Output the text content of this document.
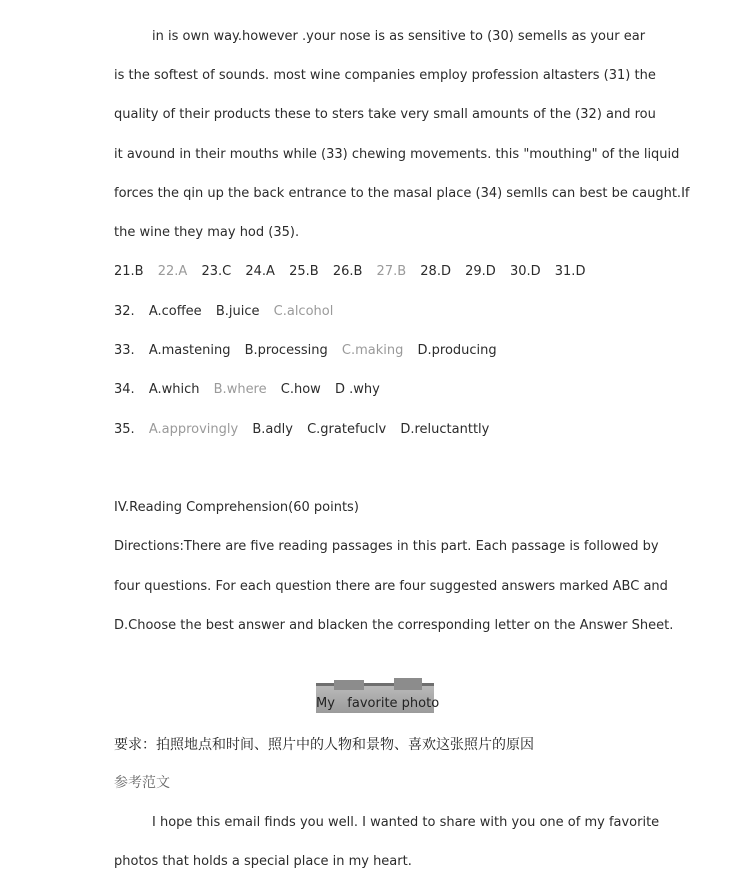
in is own way.however .your nose is as sensitive to (30) semells as your ear
is the softest of sounds. most wine companies employ profession altasters (31) the
quality of their products these to sters take very small amounts of the (32) and rou
it avound in their mouths while (33) chewing movements. this "mouthing" of the liquid
forces the qin up the back entrance to the masal place (34) semlls can best be caught.If
the wine they may hod (35).
21.B 22.A 23.C 24.A 25.B 26.B 27.B 28.D 29.D 30.D 31.D
32. A.coffee B.juice C.alcohol
33. A.mastening B.processing C.making D.producing
34. A.which B.where C.how D .why
35. A.approvingly B.adly C.gratefuclv D.reluctanttly
IV.Reading Comprehension(60 points)
Directions:There are five reading passages in this part. Each passage is followed by
four questions. For each question there are four suggested answers marked ABC and
D.Choose the best answer and blacken the corresponding letter on the Answer Sheet.
My   favorite photo
要求：拍照地点和时间、照片中的人物和景物、喜欢这张照片的原因
参考范文
I hope this email finds you well. I wanted to share with you one of my favorite
photos that holds a special place in my heart.
